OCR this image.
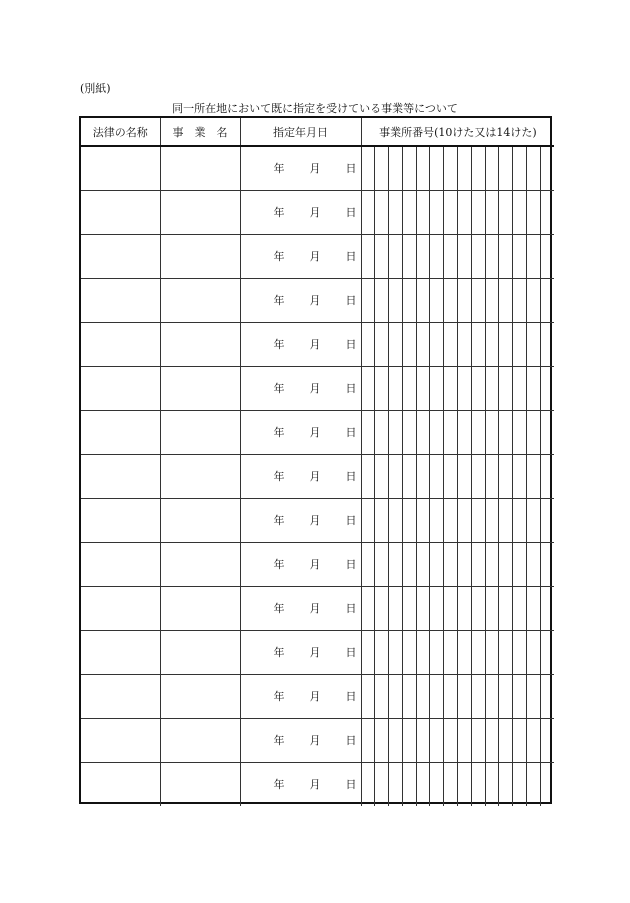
(別紙)
同一所在地において既に指定を受けている事業等について
法律の名称	事　業　名	指定年月日	事業所番号(10けた又は14けた)													

		年 月 日														

		年 月 日														

		年 月 日														

		年 月 日														

		年 月 日														

		年 月 日														

		年 月 日														

		年 月 日														

		年 月 日														

		年 月 日														

		年 月 日														

		年 月 日														

		年 月 日														

		年 月 日														

		年 月 日														
